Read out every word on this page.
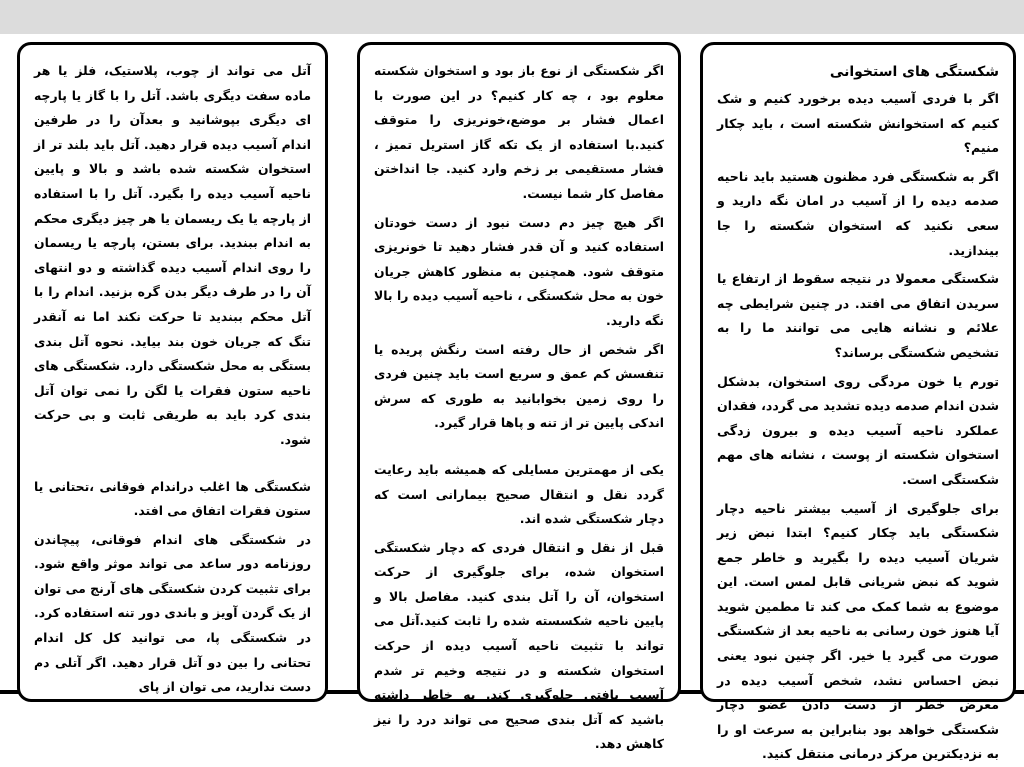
شکستگی های استخوانی

اگر با فردی آسیب دیده برخورد کنیم و شک کنیم که استخوانش شکسته است ، باید چکار منیم؟

اگر به شکستگی فرد مظنون هستید باید ناحیه صدمه دیده را از آسیب در امان نگه دارید و سعی نکنید که استخوان شکسته را جا بیندازید.

شکستگی معمولا در نتیجه سقوط از ارتفاع یا سریدن اتفاق می افتد. در چنین شرایطی چه علائم و نشانه هایی می توانند ما را به تشخیص شکستگی برساند؟

تورم یا خون مردگی روی استخوان، بدشکل شدن اندام صدمه دیده تشدید می گردد، فقدان عملکرد ناحیه آسیب دیده و بیرون زدگی استخوان شکسته از پوست ، نشانه های مهم شکستگی است.

برای جلوگیری از آسیب بیشتر ناحیه دچار شکستگی باید چکار کنیم؟ ابتدا نبض زیر شریان آسیب دیده را بگیرید و خاطر جمع شوید که نبض شریانی قابل لمس است. این موضوع به شما کمک می کند تا مطمین شوید آیا هنوز خون رسانی به ناحیه بعد از شکستگی صورت می گیرد یا خیر. اگر چنین نبود یعنی نبض احساس نشد، شخص آسیب دیده در معرض خطر از دست دادن عضو دچار شکستگی خواهد بود بنابراین به سرعت او را به نزدیکترین مرکز درمانی منتقل کنید.

اگر شکستگی از نوع باز بود و استخوان شکسته معلوم بود ، چه کار کنیم؟ در این صورت با اعمال فشار بر موضع،خونریزی را متوقف کنید.با استفاده از یک تکه گاز استریل تمیز ، فشار مستقیمی بر زخم وارد کنید. جا انداختن مفاصل کار شما نیست.

اگر هیچ چیز دم دست نبود از دست خودتان استفاده کنید و آن قدر فشار دهید تا خونریزی متوقف شود. همچنین به منظور کاهش جریان خون به محل شکستگی ، ناحیه آسیب دیده را بالا نگه دارید.

اگر شخص از حال رفته است رنگش پریده یا تنفسش کم عمق و سریع است باید چنین فردی را روی زمین بخوابانید به طوری که سرش اندکی پایین تر از تنه و پاها قرار گیرد.

یکی از مهمترین مسایلی که همیشه باید رعایت گردد نقل و انتقال صحیح بیمارانی است که دچار شکستگی شده اند.

قبل از نقل و انتقال فردی که دچار شکستگی استخوان شده، برای جلوگیری از حرکت استخوان، آن را آتل بندی کنید. مفاصل بالا و پایین ناحیه شکسسته شده را ثابت کنید.آتل می تواند با تثبیت ناحیه آسیب دیده از حرکت استخوان شکسته و در نتیجه وخیم تر شدم آسیب بافتی جلوگیری کند. به خاطر داشته باشید که آتل بندی صحیح می تواند درد را نیز کاهش دهد.

آتل می تواند از چوب، پلاستیک، فلز یا هر ماده سفت دیگری باشد. آتل را با گاز یا پارچه ای دیگری بپوشانید و بعدآن را در طرفین اندام آسیب دیده قرار دهید. آتل باید بلند تر از استخوان شکسته شده باشد و بالا و پایین ناحیه آسیب دیده را بگیرد. آتل را با استفاده از پارچه یا یک ریسمان یا هر چیز دیگری محکم به اندام ببندید. برای بستن، پارچه یا ریسمان را روی اندام آسیب دیده گذاشته و دو انتهای آن را در طرف دیگر بدن گره بزنید. اندام را با آتل محکم ببندید تا حرکت نکند اما نه آنقدر تنگ که جریان خون بند بیاید. نحوه آتل بندی بستگی به محل شکستگی دارد. شکستگی های ناحیه ستون فقرات یا لگن را نمی توان آتل بندی کرد باید به طریقی ثابت و بی حرکت شود.

شکستگی ها اغلب دراندام فوقانی ،تحتانی یا ستون فقرات اتفاق می افتد.

در شکستگی های اندام فوقانی، پیچاندن روزنامه دور ساعد می تواند موثر واقع شود. برای تثبیت کردن شکستگی های آرنج می توان از یک گردن آویز و باندی دور تنه استفاده کرد. در شکستگی پا، می توانید کل کل اندام تحتانی را بین دو آتل قرار دهید. اگر آتلی دم دست ندارید، می توان از پای
